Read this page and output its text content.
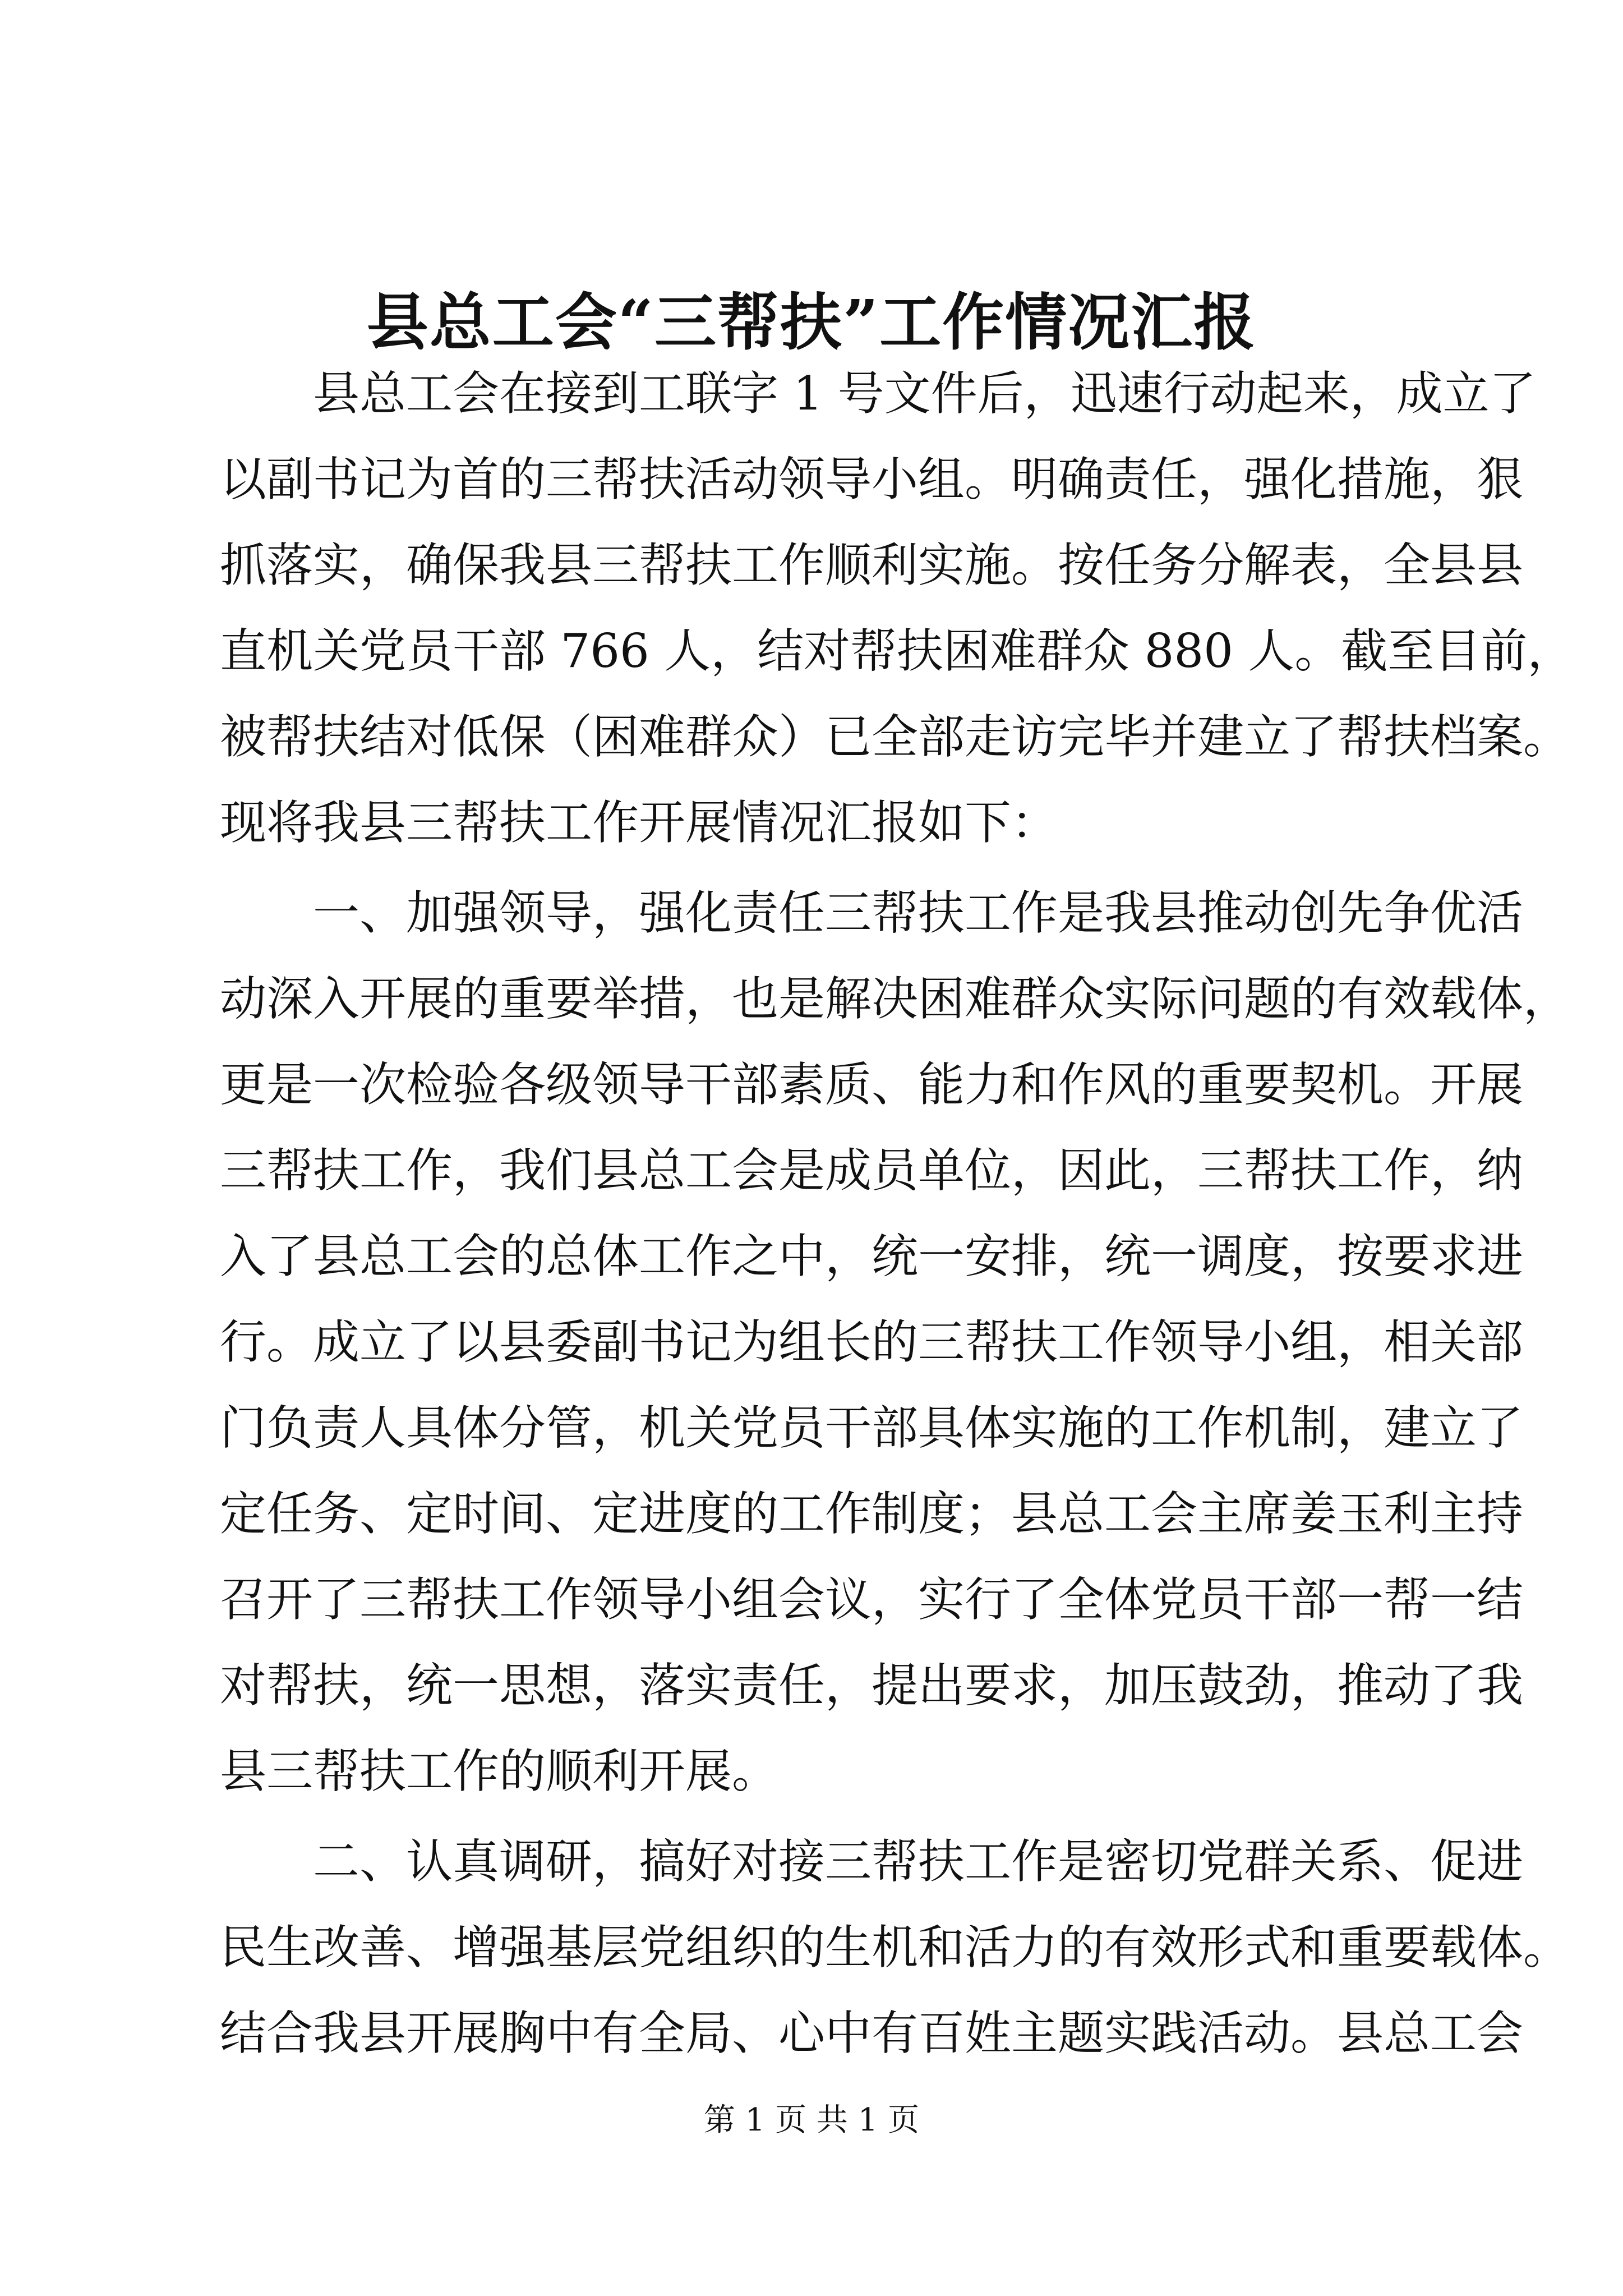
县总工会“三帮扶”工作情况汇报
县总工会在接到工联字 1 号文件后，迅速行动起来，成立了
以副书记为首的三帮扶活动领导小组。明确责任，强化措施，狠
抓落实，确保我县三帮扶工作顺利实施。按任务分解表，全县县
直机关党员干部 766 人，结对帮扶困难群众 880 人。截至目前，
被帮扶结对低保（困难群众）已全部走访完毕并建立了帮扶档案。
现将我县三帮扶工作开展情况汇报如下：
一、加强领导，强化责任三帮扶工作是我县推动创先争优活
动深入开展的重要举措，也是解决困难群众实际问题的有效载体，
更是一次检验各级领导干部素质、能力和作风的重要契机。开展
三帮扶工作，我们县总工会是成员单位，因此，三帮扶工作，纳
入了县总工会的总体工作之中，统一安排，统一调度，按要求进
行。成立了以县委副书记为组长的三帮扶工作领导小组，相关部
门负责人具体分管，机关党员干部具体实施的工作机制，建立了
定任务、定时间、定进度的工作制度；县总工会主席姜玉利主持
召开了三帮扶工作领导小组会议，实行了全体党员干部一帮一结
对帮扶，统一思想，落实责任，提出要求，加压鼓劲，推动了我
县三帮扶工作的顺利开展。
二、认真调研，搞好对接三帮扶工作是密切党群关系、促进
民生改善、增强基层党组织的生机和活力的有效形式和重要载体。
结合我县开展胸中有全局、心中有百姓主题实践活动。县总工会
第 1 页 共 1 页
